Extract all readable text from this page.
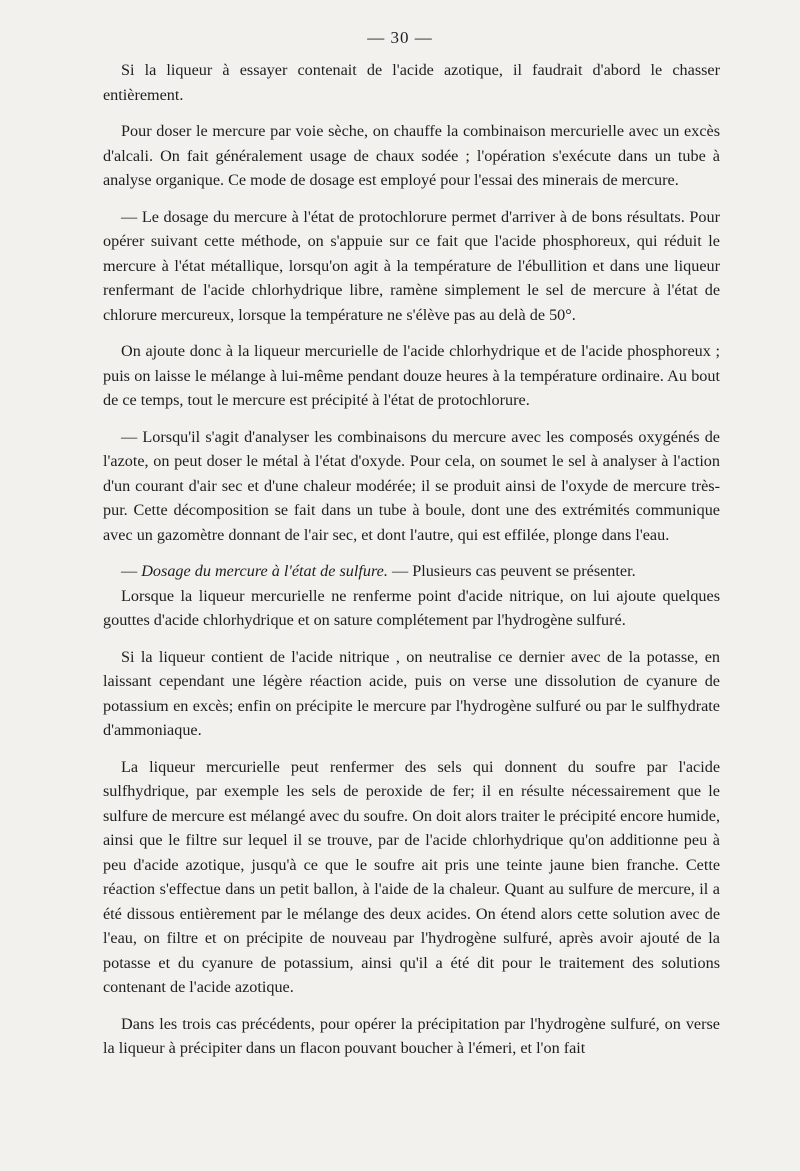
— 30 —

Si la liqueur à essayer contenait de l'acide azotique, il faudrait d'abord le chasser entièrement.

Pour doser le mercure par voie sèche, on chauffe la combinaison mercurielle avec un excès d'alcali. On fait généralement usage de chaux sodée ; l'opération s'exécute dans un tube à analyse organique. Ce mode de dosage est employé pour l'essai des minerais de mercure.

— Le dosage du mercure à l'état de protochlorure permet d'arriver à de bons résultats. Pour opérer suivant cette méthode, on s'appuie sur ce fait que l'acide phosphoreux, qui réduit le mercure à l'état métallique, lorsqu'on agit à la température de l'ébullition et dans une liqueur renfermant de l'acide chlorhydrique libre, ramène simplement le sel de mercure à l'état de chlorure mercureux, lorsque la température ne s'élève pas au delà de 50°.

On ajoute donc à la liqueur mercurielle de l'acide chlorhydrique et de l'acide phosphoreux ; puis on laisse le mélange à lui-même pendant douze heures à la température ordinaire. Au bout de ce temps, tout le mercure est précipité à l'état de protochlorure.

— Lorsqu'il s'agit d'analyser les combinaisons du mercure avec les composés oxygénés de l'azote, on peut doser le métal à l'état d'oxyde. Pour cela, on soumet le sel à analyser à l'action d'un courant d'air sec et d'une chaleur modérée; il se produit ainsi de l'oxyde de mercure très-pur. Cette décomposition se fait dans un tube à boule, dont une des extrémités communique avec un gazomètre donnant de l'air sec, et dont l'autre, qui est effilée, plonge dans l'eau.

— Dosage du mercure à l'état de sulfure. — Plusieurs cas peuvent se présenter.

Lorsque la liqueur mercurielle ne renferme point d'acide nitrique, on lui ajoute quelques gouttes d'acide chlorhydrique et on sature complétement par l'hydrogène sulfuré.

Si la liqueur contient de l'acide nitrique , on neutralise ce dernier avec de la potasse, en laissant cependant une légère réaction acide, puis on verse une dissolution de cyanure de potassium en excès; enfin on précipite le mercure par l'hydrogène sulfuré ou par le sulfhydrate d'ammoniaque.

La liqueur mercurielle peut renfermer des sels qui donnent du soufre par l'acide sulfhydrique, par exemple les sels de peroxide de fer; il en résulte nécessairement que le sulfure de mercure est mélangé avec du soufre. On doit alors traiter le précipité encore humide, ainsi que le filtre sur lequel il se trouve, par de l'acide chlorhydrique qu'on additionne peu à peu d'acide azotique, jusqu'à ce que le soufre ait pris une teinte jaune bien franche. Cette réaction s'effectue dans un petit ballon, à l'aide de la chaleur. Quant au sulfure de mercure, il a été dissous entièrement par le mélange des deux acides. On étend alors cette solution avec de l'eau, on filtre et on précipite de nouveau par l'hydrogène sulfuré, après avoir ajouté de la potasse et du cyanure de potassium, ainsi qu'il a été dit pour le traitement des solutions contenant de l'acide azotique.

Dans les trois cas précédents, pour opérer la précipitation par l'hydrogène sulfuré, on verse la liqueur à précipiter dans un flacon pouvant boucher à l'émeri, et l'on fait
